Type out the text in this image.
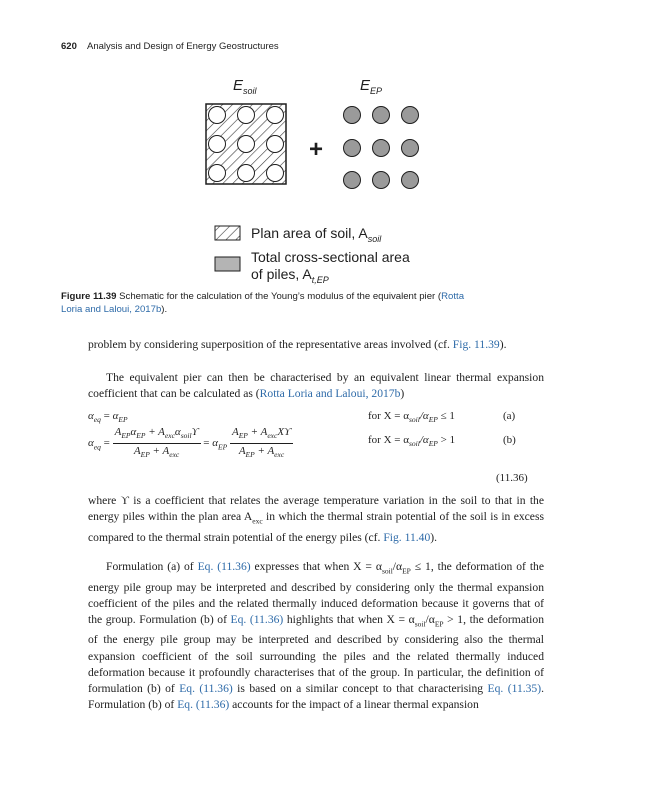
620 Analysis and Design of Energy Geostructures
$E_{soil}$	$E_{EP}$
+
Plan area of soil, $A_{soil}$
Total cross-sectional area
of piles, $A_{t,EP}$
Figure 11.39 Schematic for the calculation of the Young’s modulus of the equivalent pier (Rotta
Loria and Laloui, 2017b).
problem by considering superposition of the representative areas involved (cf. Fig. 11.39).
The equivalent pier can then be characterised by an equivalent linear thermal expansion coefficient that can be calculated as (Rotta Loria and Laloui, 2017b)
$\alpha_{eq} = \alpha_{EP}$	for $X = \alpha_{soil}/\alpha_{EP} \le 1$	(a)
$\alpha_{eq} = \frac{A_{EP}\alpha_{EP} + A_{exc}\alpha_{soil}ϒ}{A_{EP} + A_{exc}} = \alpha_{EP} \frac{A_{EP} + A_{exc}Xϒ}{A_{EP} + A_{exc}}$	for $X = \alpha_{soil}/\alpha_{EP} > 1$	(b)
(11.36)
where ϒ is a coefficient that relates the average temperature variation in the soil to that in the energy piles within the plan area $A_{exc}$ in which the thermal strain potential of the soil is in excess compared to the thermal strain potential of the energy piles (cf. Fig. 11.40).
Formulation (a) of Eq. (11.36) expresses that when $X = \alpha_{soil}/\alpha_{EP} \le 1$, the deformation of the energy pile group may be interpreted and described by considering only the thermal expansion coefficient of the piles and the related thermally induced deformation because it governs that of the group. Formulation (b) of Eq. (11.36) highlights that when $X = \alpha_{soil}/\alpha_{EP} > 1$, the deformation of the energy pile group may be interpreted and described by considering also the thermal expansion coefficient of the soil surrounding the piles and the related thermally induced deformation because it profoundly characterises that of the group. In particular, the definition of formulation (b) of Eq. (11.36) is based on a similar concept to that characterising Eq. (11.35). Formulation (b) of Eq. (11.36) accounts for the impact of a linear thermal expansion
